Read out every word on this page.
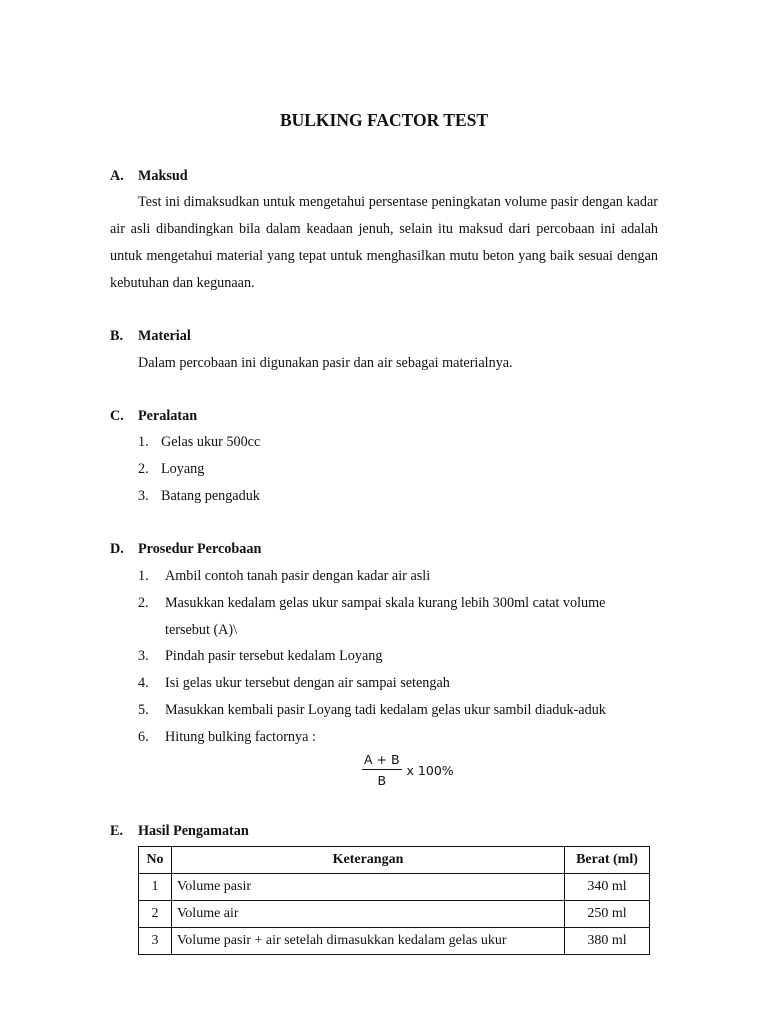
BULKING FACTOR TEST
A. Maksud
Test ini dimaksudkan untuk mengetahui persentase peningkatan volume pasir dengan kadar air asli dibandingkan bila dalam keadaan jenuh, selain itu maksud dari percobaan ini adalah untuk mengetahui material yang tepat untuk menghasilkan mutu beton yang baik sesuai dengan kebutuhan dan kegunaan.
B. Material
Dalam percobaan ini digunakan pasir dan air sebagai materialnya.
C. Peralatan
1. Gelas ukur 500cc
2. Loyang
3. Batang pengaduk
D. Prosedur Percobaan
1. Ambil contoh tanah pasir dengan kadar air asli
2. Masukkan kedalam gelas ukur sampai skala kurang lebih 300ml catat volume
tersebut (A)\
3. Pindah pasir tersebut kedalam Loyang
4. Isi gelas ukur tersebut dengan air sampai setengah
5. Masukkan kembali pasir Loyang tadi kedalam gelas ukur sambil diaduk-aduk
6. Hitung bulking factornya :
$\frac{A + B}{B}$ x 100%
E. Hasil Pengamatan
No	Keterangan	Berat (ml)
1	Volume pasir	340 ml
2	Volume air	250 ml
3	Volume pasir + air setelah dimasukkan kedalam gelas ukur	380 ml
